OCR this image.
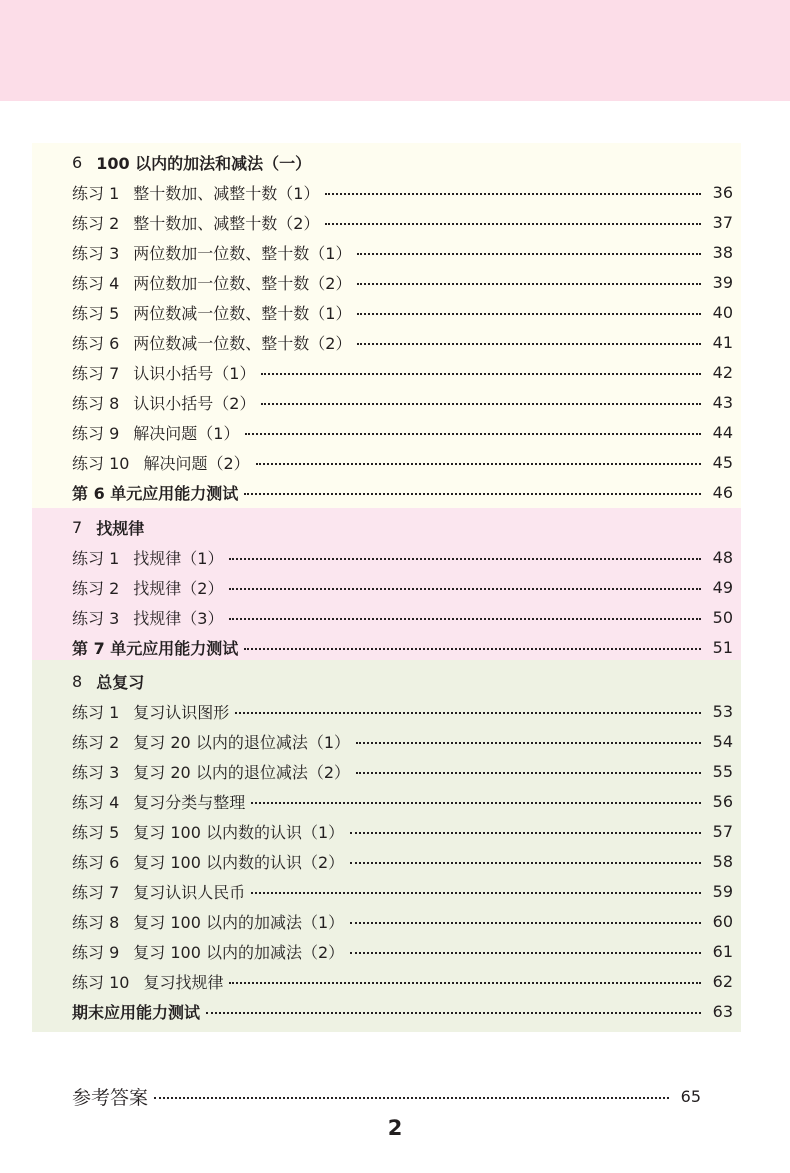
6 100 以内的加法和减法（一）
练习 1 整十数加、减整十数（1）	36
练习 2 整十数加、减整十数（2）	37
练习 3 两位数加一位数、整十数（1）	38
练习 4 两位数加一位数、整十数（2）	39
练习 5 两位数减一位数、整十数（1）	40
练习 6 两位数减一位数、整十数（2）	41
练习 7 认识小括号（1）	42
练习 8 认识小括号（2）	43
练习 9 解决问题（1）	44
练习 10 解决问题（2）	45
第 6 单元应用能力测试	46
7 找规律
练习 1 找规律（1）	48
练习 2 找规律（2）	49
练习 3 找规律（3）	50
第 7 单元应用能力测试	51
8 总复习
练习 1 复习认识图形	53
练习 2 复习 20 以内的退位减法（1）	54
练习 3 复习 20 以内的退位减法（2）	55
练习 4 复习分类与整理	56
练习 5 复习 100 以内数的认识（1）	57
练习 6 复习 100 以内数的认识（2）	58
练习 7 复习认识人民币	59
练习 8 复习 100 以内的加减法（1）	60
练习 9 复习 100 以内的加减法（2）	61
练习 10 复习找规律	62
期末应用能力测试	63
参考答案	65
2
